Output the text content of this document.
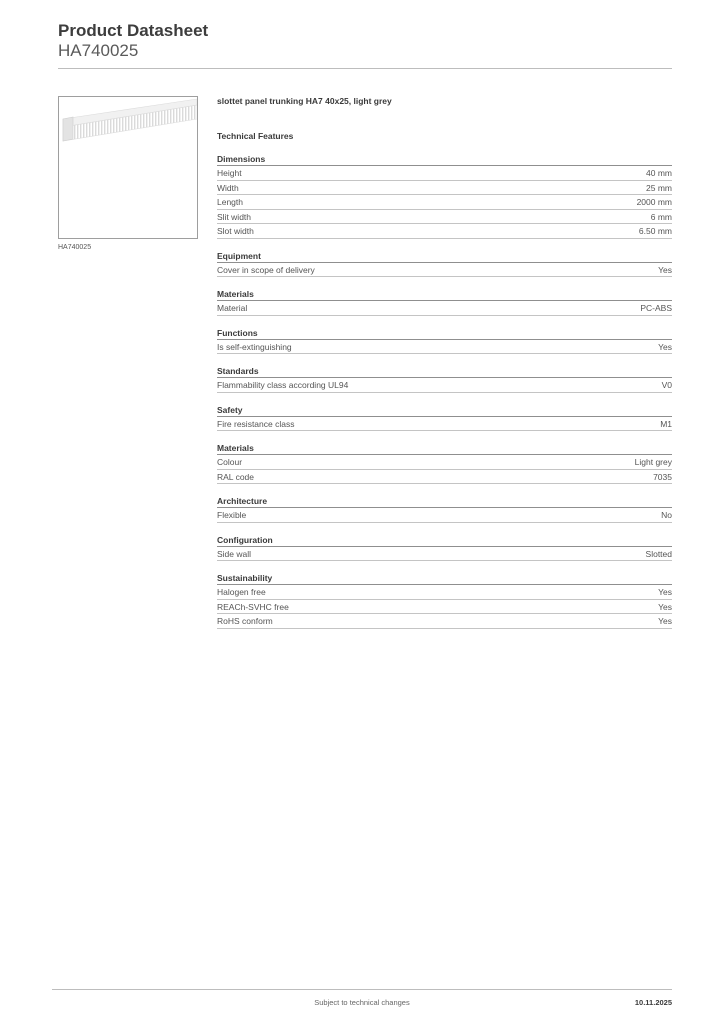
Product Datasheet
HA740025
HA740025
slottet panel trunking HA7 40x25, light grey
Technical Features
Dimensions
Height	40 mm
Width	25 mm
Length	2000 mm
Slit width	6 mm
Slot width	6.50 mm
Equipment
Cover in scope of delivery	Yes
Materials
Material	PC-ABS
Functions
Is self-extinguishing	Yes
Standards
Flammability class according UL94	V0
Safety
Fire resistance class	M1
Materials
Colour	Light grey
RAL code	7035
Architecture
Flexible	No
Configuration
Side wall	Slotted
Sustainability
Halogen free	Yes
REACh-SVHC free	Yes
RoHS conform	Yes
Subject to technical changes	10.11.2025
